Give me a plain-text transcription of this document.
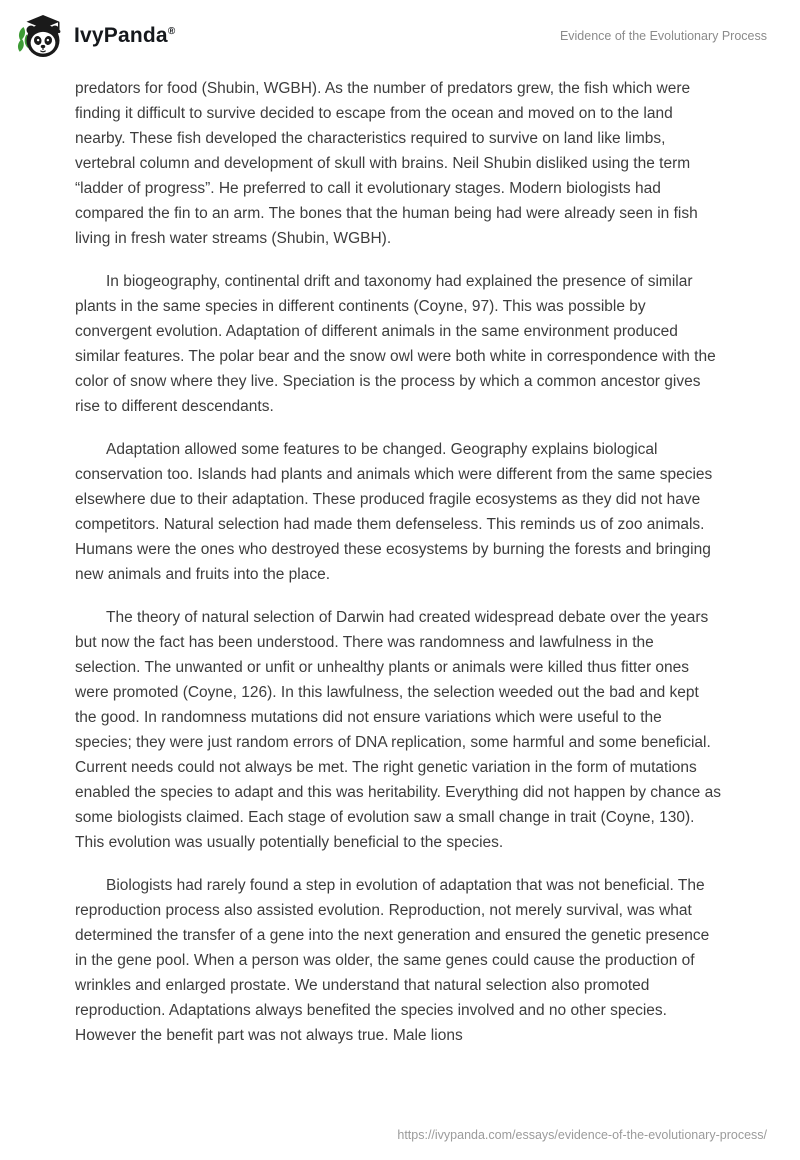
IvyPanda®	Evidence of the Evolutionary Process

predators for food (Shubin, WGBH). As the number of predators grew, the fish which were finding it difficult to survive decided to escape from the ocean and moved on to the land nearby. These fish developed the characteristics required to survive on land like limbs, vertebral column and development of skull with brains. Neil Shubin disliked using the term “ladder of progress”. He preferred to call it evolutionary stages. Modern biologists had compared the fin to an arm. The bones that the human being had were already seen in fish living in fresh water streams (Shubin, WGBH).

In biogeography, continental drift and taxonomy had explained the presence of similar plants in the same species in different continents (Coyne, 97). This was possible by convergent evolution. Adaptation of different animals in the same environment produced similar features. The polar bear and the snow owl were both white in correspondence with the color of snow where they live. Speciation is the process by which a common ancestor gives rise to different descendants.

Adaptation allowed some features to be changed. Geography explains biological conservation too. Islands had plants and animals which were different from the same species elsewhere due to their adaptation. These produced fragile ecosystems as they did not have competitors. Natural selection had made them defenseless. This reminds us of zoo animals. Humans were the ones who destroyed these ecosystems by burning the forests and bringing new animals and fruits into the place.

The theory of natural selection of Darwin had created widespread debate over the years but now the fact has been understood. There was randomness and lawfulness in the selection. The unwanted or unfit or unhealthy plants or animals were killed thus fitter ones were promoted (Coyne, 126). In this lawfulness, the selection weeded out the bad and kept the good. In randomness mutations did not ensure variations which were useful to the species; they were just random errors of DNA replication, some harmful and some beneficial. Current needs could not always be met. The right genetic variation in the form of mutations enabled the species to adapt and this was heritability. Everything did not happen by chance as some biologists claimed. Each stage of evolution saw a small change in trait (Coyne, 130). This evolution was usually potentially beneficial to the species.

Biologists had rarely found a step in evolution of adaptation that was not beneficial. The reproduction process also assisted evolution. Reproduction, not merely survival, was what determined the transfer of a gene into the next generation and ensured the genetic presence in the gene pool. When a person was older, the same genes could cause the production of wrinkles and enlarged prostate. We understand that natural selection also promoted reproduction. Adaptations always benefited the species involved and no other species. However the benefit part was not always true. Male lions

https://ivypanda.com/essays/evidence-of-the-evolutionary-process/
